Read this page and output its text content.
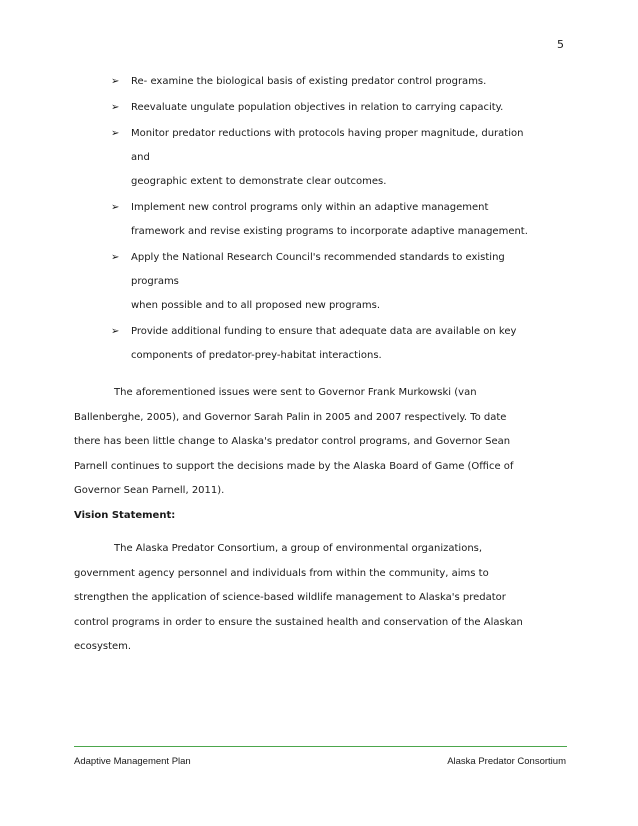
5
➢ Re- examine the biological basis of existing predator control programs.
➢ Reevaluate ungulate population objectives in relation to carrying capacity.
➢ Monitor predator reductions with protocols having proper magnitude, duration
and
geographic extent to demonstrate clear outcomes.
➢ Implement new control programs only within an adaptive management
framework and revise existing programs to incorporate adaptive management.
➢ Apply the National Research Council's recommended standards to existing
programs
when possible and to all proposed new programs.
➢ Provide additional funding to ensure that adequate data are available on key
components of predator-prey-habitat interactions.
The aforementioned issues were sent to Governor Frank Murkowski (van
Ballenberghe, 2005), and Governor Sarah Palin in 2005 and 2007 respectively. To date
there has been little change to Alaska's predator control programs, and Governor Sean
Parnell continues to support the decisions made by the Alaska Board of Game (Office of
Governor Sean Parnell, 2011).
Vision Statement:
The Alaska Predator Consortium, a group of environmental organizations,
government agency personnel and individuals from within the community, aims to
strengthen the application of science-based wildlife management to Alaska's predator
control programs in order to ensure the sustained health and conservation of the Alaskan
ecosystem.
Adaptive Management Plan	Alaska Predator Consortium
